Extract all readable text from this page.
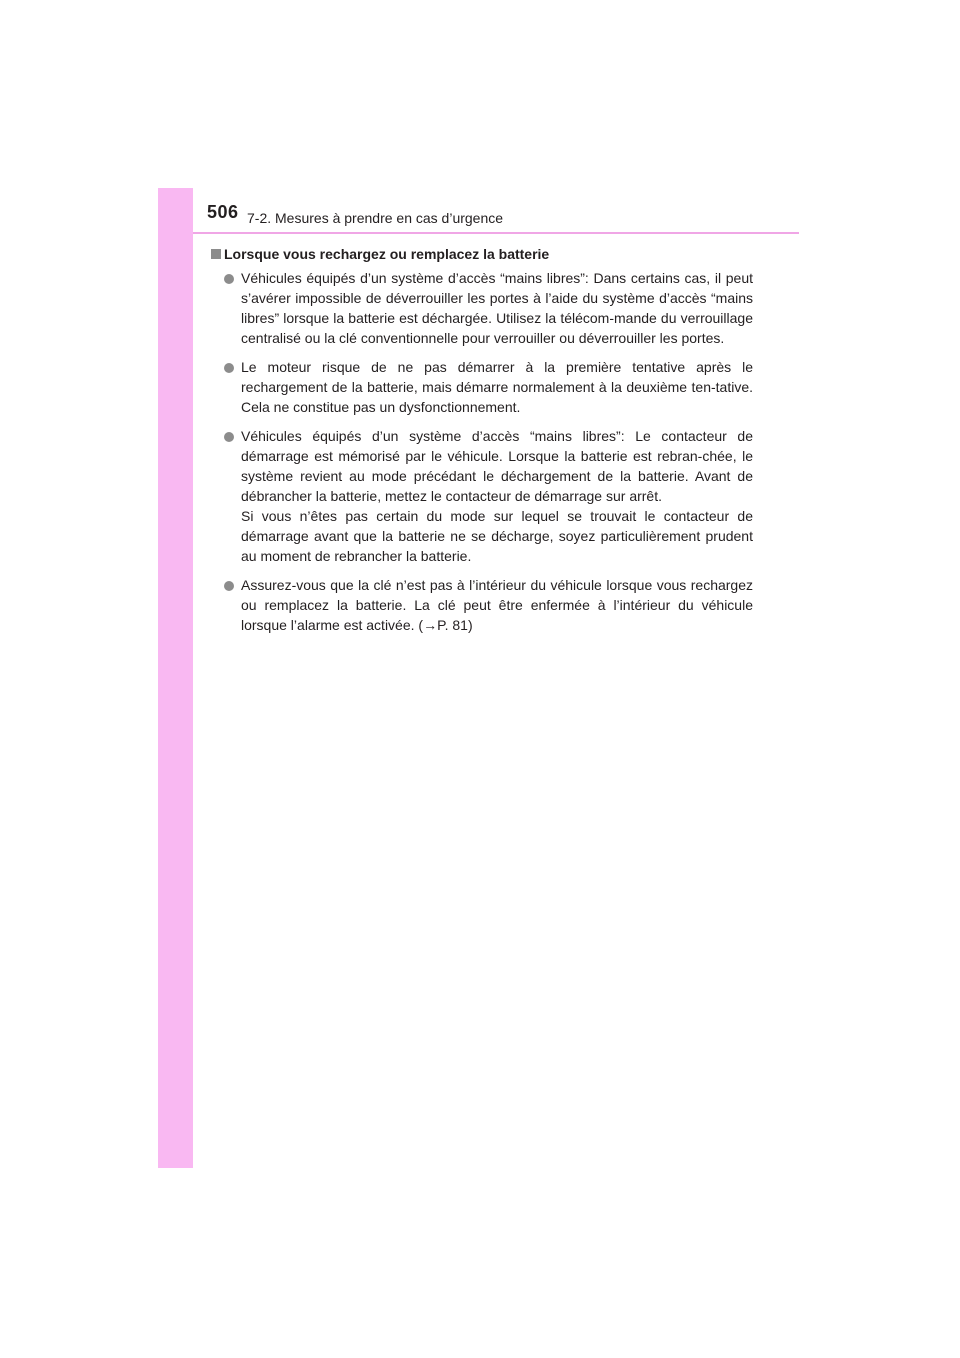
506 7-2. Mesures à prendre en cas d’urgence
Lorsque vous rechargez ou remplacez la batterie

Véhicules équipés d’un système d’accès “mains libres”: Dans certains cas, il peut s’avérer impossible de déverrouiller les portes à l’aide du système d’accès “mains libres” lorsque la batterie est déchargée. Utilisez la télécom-mande du verrouillage centralisé ou la clé conventionnelle pour verrouiller ou déverrouiller les portes.

Le moteur risque de ne pas démarrer à la première tentative après le rechargement de la batterie, mais démarre normalement à la deuxième ten-tative. Cela ne constitue pas un dysfonctionnement.

Véhicules équipés d’un système d’accès “mains libres”: Le contacteur de démarrage est mémorisé par le véhicule. Lorsque la batterie est rebran-chée, le système revient au mode précédant le déchargement de la batterie. Avant de débrancher la batterie, mettez le contacteur de démarrage sur arrêt.
Si vous n’êtes pas certain du mode sur lequel se trouvait le contacteur de démarrage avant que la batterie ne se décharge, soyez particulièrement prudent au moment de rebrancher la batterie.

Assurez-vous que la clé n’est pas à l’intérieur du véhicule lorsque vous rechargez ou remplacez la batterie. La clé peut être enfermée à l’intérieur du véhicule lorsque l’alarme est activée. (→P. 81)
